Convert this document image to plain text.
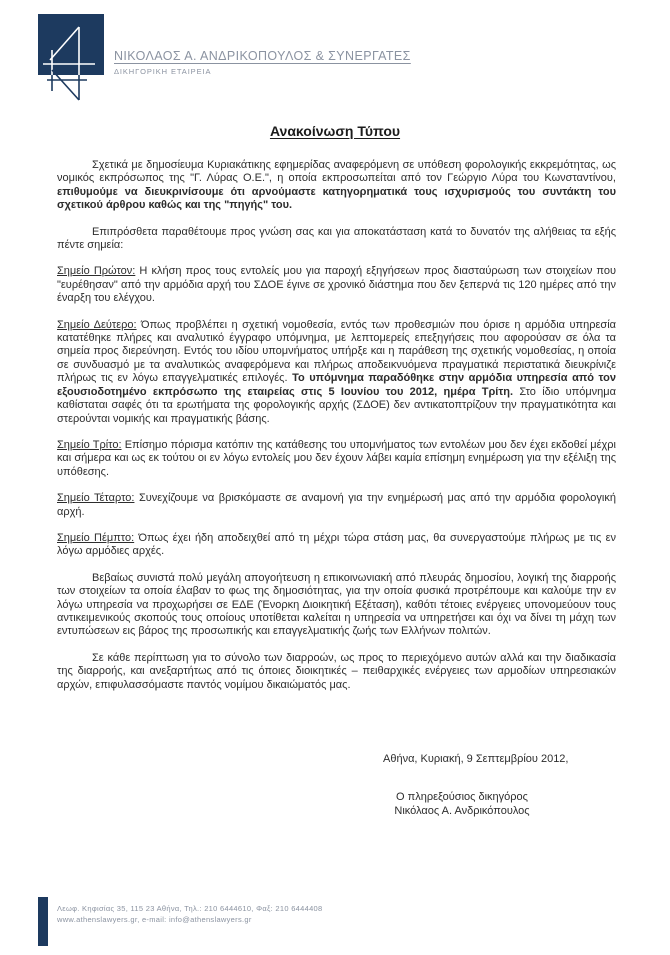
ΝΙΚΟΛΑΟΣ Α. ΑΝΔΡΙΚΟΠΟΥΛΟΣ & ΣΥΝΕΡΓΑΤΕΣ
ΔΙΚΗΓΟΡΙΚΗ ΕΤΑΙΡΕΙΑ
Ανακοίνωση Τύπου

Σχετικά με δημοσίευμα Κυριακάτικης εφημερίδας αναφερόμενη σε υπόθεση φορολογικής εκκρεμότητας, ως νομικός εκπρόσωπος της "Γ. Λύρας Ο.Ε.", η οποία εκπροσωπείται από τον Γεώργιο Λύρα του Κωνσταντίνου, επιθυμούμε να διευκρινίσουμε ότι αρνούμαστε κατηγορηματικά τους ισχυρισμούς του συντάκτη του σχετικού άρθρου καθώς και της "πηγής" του.

Επιπρόσθετα παραθέτουμε προς γνώση σας και για αποκατάσταση κατά το δυνατόν της αλήθειας τα εξής πέντε σημεία:

Σημείο Πρώτον: Η κλήση προς τους εντολείς μου για παροχή εξηγήσεων προς διασταύρωση των στοιχείων που "ευρέθησαν" από την αρμόδια αρχή του ΣΔΟΕ έγινε σε χρονικό διάστημα που δεν ξεπερνά τις 120 ημέρες από την έναρξη του ελέγχου.

Σημείο Δεύτερο: Όπως προβλέπει η σχετική νομοθεσία, εντός των προθεσμιών που όρισε η αρμόδια υπηρεσία κατατέθηκε πλήρες και αναλυτικό έγγραφο υπόμνημα, με λεπτομερείς επεξηγήσεις που αφορούσαν σε όλα τα σημεία προς διερεύνηση. Εντός του ιδίου υπομνήματος υπήρξε και η παράθεση της σχετικής νομοθεσίας, η οποία σε συνδυασμό με τα αναλυτικώς αναφερόμενα και πλήρως αποδεικνυόμενα πραγματικά περιστατικά διευκρίνιζε πλήρως τις εν λόγω επαγγελματικές επιλογές. Το υπόμνημα παραδόθηκε στην αρμόδια υπηρεσία από τον εξουσιοδοτημένο εκπρόσωπο της εταιρείας στις 5 Ιουνίου του 2012, ημέρα Τρίτη. Στο ίδιο υπόμνημα καθίσταται σαφές ότι τα ερωτήματα της φορολογικής αρχής (ΣΔΟΕ) δεν αντικατοπτρίζουν την πραγματικότητα και στερούνται νομικής και πραγματικής βάσης.

Σημείο Τρίτο: Επίσημο πόρισμα κατόπιν της κατάθεσης του υπομνήματος των εντολέων μου δεν έχει εκδοθεί μέχρι και σήμερα και ως εκ τούτου οι εν λόγω εντολείς μου δεν έχουν λάβει καμία επίσημη ενημέρωση για την εξέλιξη της υπόθεσης.

Σημείο Τέταρτο: Συνεχίζουμε να βρισκόμαστε σε αναμονή για την ενημέρωσή μας από την αρμόδια φορολογική αρχή.

Σημείο Πέμπτο: Όπως έχει ήδη αποδειχθεί από τη μέχρι τώρα στάση μας, θα συνεργαστούμε πλήρως με τις εν λόγω αρμόδιες αρχές.

Βεβαίως συνιστά πολύ μεγάλη απογοήτευση η επικοινωνιακή από πλευράς δημοσίου, λογική της διαρροής των στοιχείων τα οποία έλαβαν το φως της δημοσιότητας, για την οποία φυσικά προτρέπουμε και καλούμε την εν λόγω υπηρεσία να προχωρήσει σε ΕΔΕ (Ένορκη Διοικητική Εξέταση), καθότι τέτοιες ενέργειες υπονομεύουν τους αντικειμενικούς σκοπούς τους οποίους υποτίθεται καλείται η υπηρεσία να υπηρετήσει και όχι να δίνει τη μάχη των εντυπώσεων εις βάρος της προσωπικής και επαγγελματικής ζωής των Ελλήνων πολιτών.

Σε κάθε περίπτωση για το σύνολο των διαρροών, ως προς το περιεχόμενο αυτών αλλά και την διαδικασία της διαρροής, και ανεξαρτήτως από τις όποιες διοικητικές – πειθαρχικές ενέργειες των αρμοδίων υπηρεσιακών αρχών, επιφυλασσόμαστε παντός νομίμου δικαιώματός μας.

Αθήνα, Κυριακή, 9 Σεπτεμβρίου 2012,
Ο πληρεξούσιος δικηγόρος
Νικόλαος Α. Ανδρικόπουλος
Λεωφ. Κηφισίας 35, 115 23 Αθήνα, Τηλ.: 210 6444610, Φαξ: 210 6444408
www.athenslawyers.gr, e-mail: info@athenslawyers.gr
